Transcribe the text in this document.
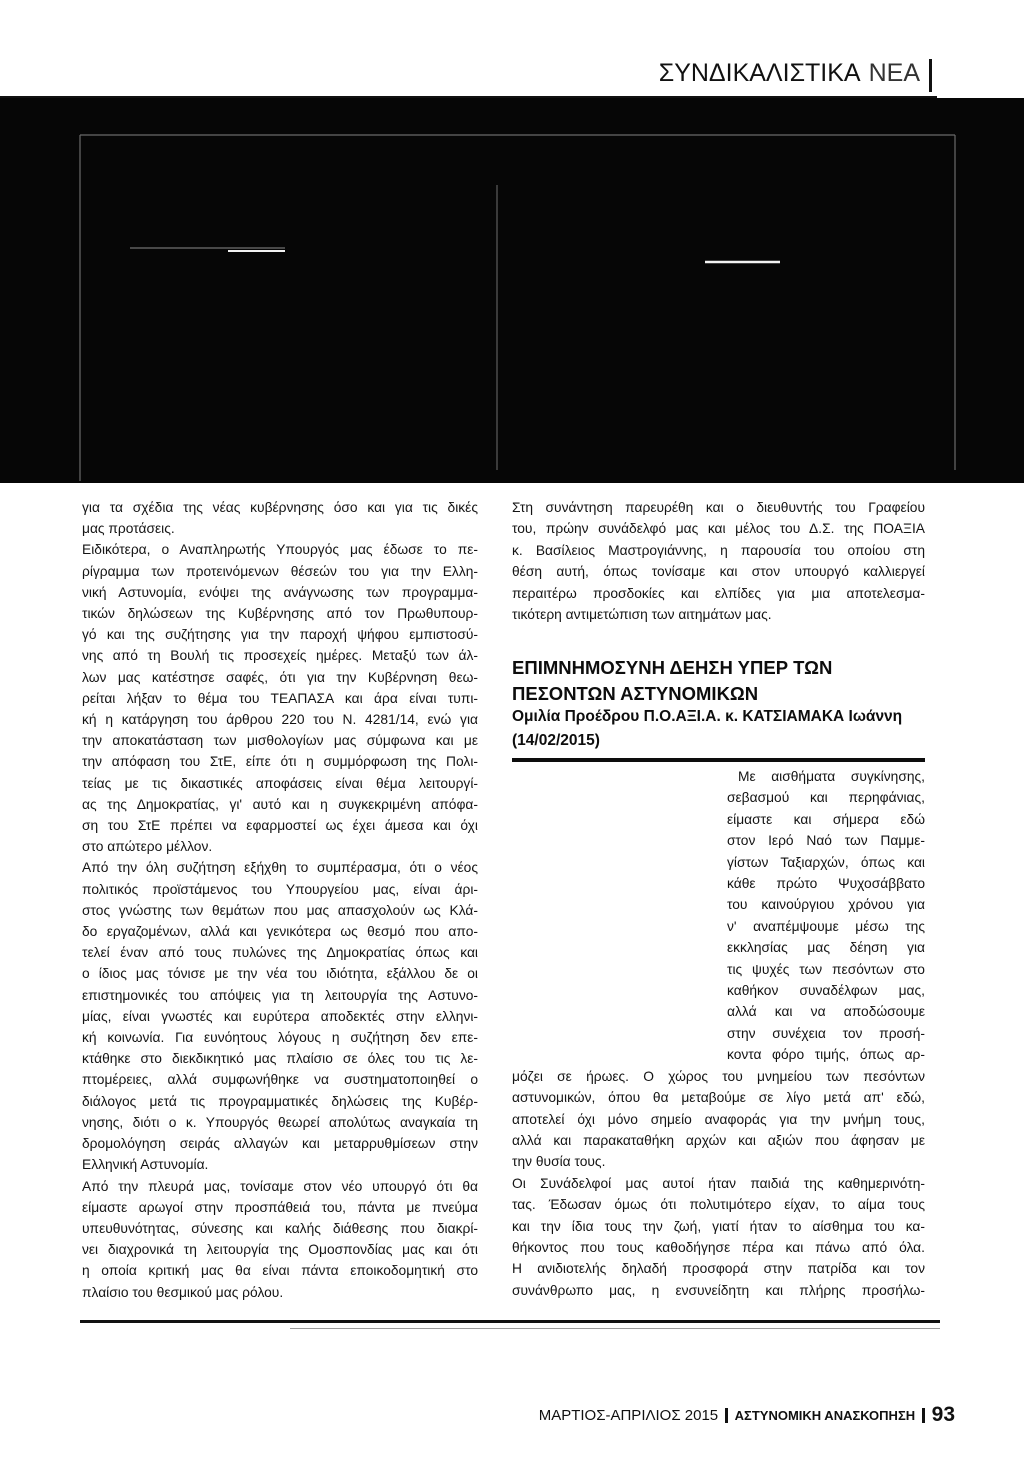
ΣΥΝΔΙΚΑΛΙΣΤΙΚΑ ΝΕΑ
για τα σχέδια της νέας κυβέρνησης όσο και για τις δικές
μας προτάσεις.
Ειδικότερα, ο Αναπληρωτής Υπουργός μας έδωσε το πε-
ρίγραμμα των προτεινόμενων θέσεών του για την Ελλη-
νική Αστυνομία, ενόψει της ανάγνωσης των προγραμμα-
τικών δηλώσεων της Κυβέρνησης από τον Πρωθυπουρ-
γό και της συζήτησης για την παροχή ψήφου εμπιστοσύ-
νης από τη Βουλή τις προσεχείς ημέρες. Μεταξύ των άλ-
λων μας κατέστησε σαφές, ότι για την Κυβέρνηση θεω-
ρείται λήξαν το θέμα του ΤΕΑΠΑΣΑ και άρα είναι τυπι-
κή η κατάργηση του άρθρου 220 του Ν. 4281/14, ενώ για
την αποκατάσταση των μισθολογίων μας σύμφωνα και με
την απόφαση του ΣτΕ, είπε ότι η συμμόρφωση της Πολι-
τείας με τις δικαστικές αποφάσεις είναι θέμα λειτουργί-
ας της Δημοκρατίας, γι' αυτό και η συγκεκριμένη απόφα-
ση του ΣτΕ πρέπει να εφαρμοστεί ως έχει άμεσα και όχι
στο απώτερο μέλλον.
Από την όλη συζήτηση εξήχθη το συμπέρασμα, ότι ο νέος
πολιτικός προϊστάμενος του Υπουργείου μας, είναι άρι-
στος γνώστης των θεμάτων που μας απασχολούν ως Κλά-
δο εργαζομένων, αλλά και γενικότερα ως θεσμό που απο-
τελεί έναν από τους πυλώνες της Δημοκρατίας όπως και
ο ίδιος μας τόνισε με την νέα του ιδιότητα, εξάλλου δε οι
επιστημονικές του απόψεις για τη λειτουργία της Αστυνο-
μίας, είναι γνωστές και ευρύτερα αποδεκτές στην ελληνι-
κή κοινωνία. Για ευνόητους λόγους η συζήτηση δεν επε-
κτάθηκε στο διεκδικητικό μας πλαίσιο σε όλες του τις λε-
πτομέρειες, αλλά συμφωνήθηκε να συστηματοποιηθεί ο
διάλογος μετά τις προγραμματικές δηλώσεις της Κυβέρ-
νησης, διότι ο κ. Υπουργός θεωρεί απολύτως αναγκαία τη
δρομολόγηση σειράς αλλαγών και μεταρρυθμίσεων στην
Ελληνική Αστυνομία.
Από την πλευρά μας, τονίσαμε στον νέο υπουργό ότι θα
είμαστε αρωγοί στην προσπάθειά του, πάντα με πνεύμα
υπευθυνότητας, σύνεσης και καλής διάθεσης που διακρί-
νει διαχρονικά τη λειτουργία της Ομοσπονδίας μας και ότι
η οποία κριτική μας θα είναι πάντα εποικοδομητική στο
πλαίσιο του θεσμικού μας ρόλου.
Στη συνάντηση παρευρέθη και ο διευθυντής του Γραφείου
του, πρώην συνάδελφό μας και μέλος του Δ.Σ. της ΠΟΑΞΙΑ
κ. Βασίλειος Μαστρογιάννης, η παρουσία του οποίου στη
θέση αυτή, όπως τονίσαμε και στον υπουργό καλλιεργεί
περαιτέρω προσδοκίες και ελπίδες για μια αποτελεσμα-
τικότερη αντιμετώπιση των αιτημάτων μας.
ΕΠΙΜΝΗΜΟΣΥΝΗ ΔΕΗΣΗ ΥΠΕΡ ΤΩΝ
ΠΕΣΟΝΤΩΝ ΑΣΤΥΝΟΜΙΚΩΝ
Ομιλία Προέδρου Π.Ο.ΑΞΙ.Α. κ. ΚΑΤΣΙΑΜΑΚΑ Ιωάννη
(14/02/2015)
Με αισθήματα συγκίνησης,
σεβασμού και περηφάνιας,
είμαστε και σήμερα εδώ
στον Ιερό Ναό των Παμμε-
γίστων Ταξιαρχών, όπως και
κάθε πρώτο Ψυχοσάββατο
του καινούργιου χρόνου για
ν' αναπέμψουμε μέσω της
εκκλησίας μας δέηση για
τις ψυχές των πεσόντων στο
καθήκον συναδέλφων μας,
αλλά και να αποδώσουμε
στην συνέχεια τον προσή-
κοντα φόρο τιμής, όπως αρ-
μόζει σε ήρωες. Ο χώρος του μνημείου των πεσόντων
αστυνομικών, όπου θα μεταβούμε σε λίγο μετά απ' εδώ,
αποτελεί όχι μόνο σημείο αναφοράς για την μνήμη τους,
αλλά και παρακαταθήκη αρχών και αξιών που άφησαν με
την θυσία τους.
Οι Συνάδελφοί μας αυτοί ήταν παιδιά της καθημερινότη-
τας. Έδωσαν όμως ότι πολυτιμότερο είχαν, το αίμα τους
και την ίδια τους την ζωή, γιατί ήταν το αίσθημα του κα-
θήκοντος που τους καθοδήγησε πέρα και πάνω από όλα.
Η ανιδιοτελής δηλαδή προσφορά στην πατρίδα και τον
συνάνθρωπο μας, η ενσυνείδητη και πλήρης προσήλω-
ΜΑΡΤΙΟΣ-ΑΠΡΙΛΙΟΣ 2015 ΑΣΤΥΝΟΜΙΚΗ ΑΝΑΣΚΟΠΗΣΗ 93
